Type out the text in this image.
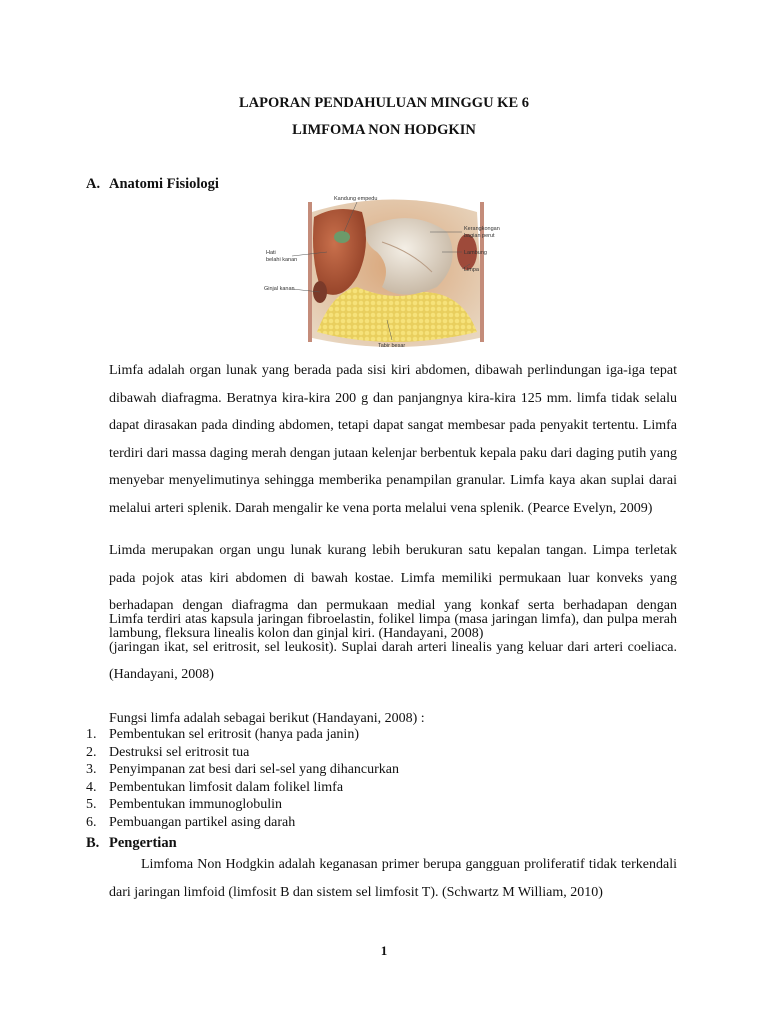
LAPORAN PENDAHULUAN MINGGU KE 6
LIMFOMA NON HODGKIN
A. Anatomi Fisiologi
Kandung empedu
Hati
belahi kanan
Ginjal kanan
Kerangkongan
bagian perut
Lambung
Limpa
Tabir besar

Limfa adalah organ lunak yang berada pada sisi kiri abdomen, dibawah perlindungan iga-iga tepat dibawah diafragma. Beratnya kira-kira 200 g dan panjangnya kira-kira 125 mm. limfa tidak selalu dapat dirasakan pada dinding abdomen, tetapi dapat sangat membesar pada penyakit tertentu. Limfa terdiri dari massa daging merah dengan jutaan kelenjar berbentuk kepala paku dari daging putih yang menyebar menyelimutinya sehingga memberika penampilan granular. Limfa kaya akan suplai darai melalui arteri splenik. Darah mengalir ke vena porta melalui vena splenik. (Pearce Evelyn, 2009)

Limda merupakan organ ungu lunak kurang lebih berukuran satu kepalan tangan. Limpa terletak pada pojok atas kiri abdomen di bawah kostae. Limfa memiliki permukaan luar konveks yang berhadapan dengan diafragma dan permukaan medial yang konkaf serta berhadapan dengan lambung, fleksura linealis kolon dan ginjal kiri. (Handayani, 2008)

Limfa terdiri atas kapsula jaringan fibroelastin, folikel limpa (masa jaringan limfa), dan pulpa merah (jaringan ikat, sel eritrosit, sel leukosit). Suplai darah arteri linealis yang keluar dari arteri coeliaca. (Handayani, 2008)

Fungsi limfa adalah sebagai berikut (Handayani, 2008) :

1. Pembentukan sel eritrosit (hanya pada janin)
2. Destruksi sel eritrosit tua
3. Penyimpanan zat besi dari sel-sel yang dihancurkan
4. Pembentukan limfosit dalam folikel limfa
5. Pembentukan immunoglobulin
6. Pembuangan partikel asing darah
B. Pengertian

Limfoma Non Hodgkin adalah keganasan primer berupa gangguan proliferatif tidak terkendali dari jaringan limfoid (limfosit B dan sistem sel limfosit T). (Schwartz M William, 2010)

1
